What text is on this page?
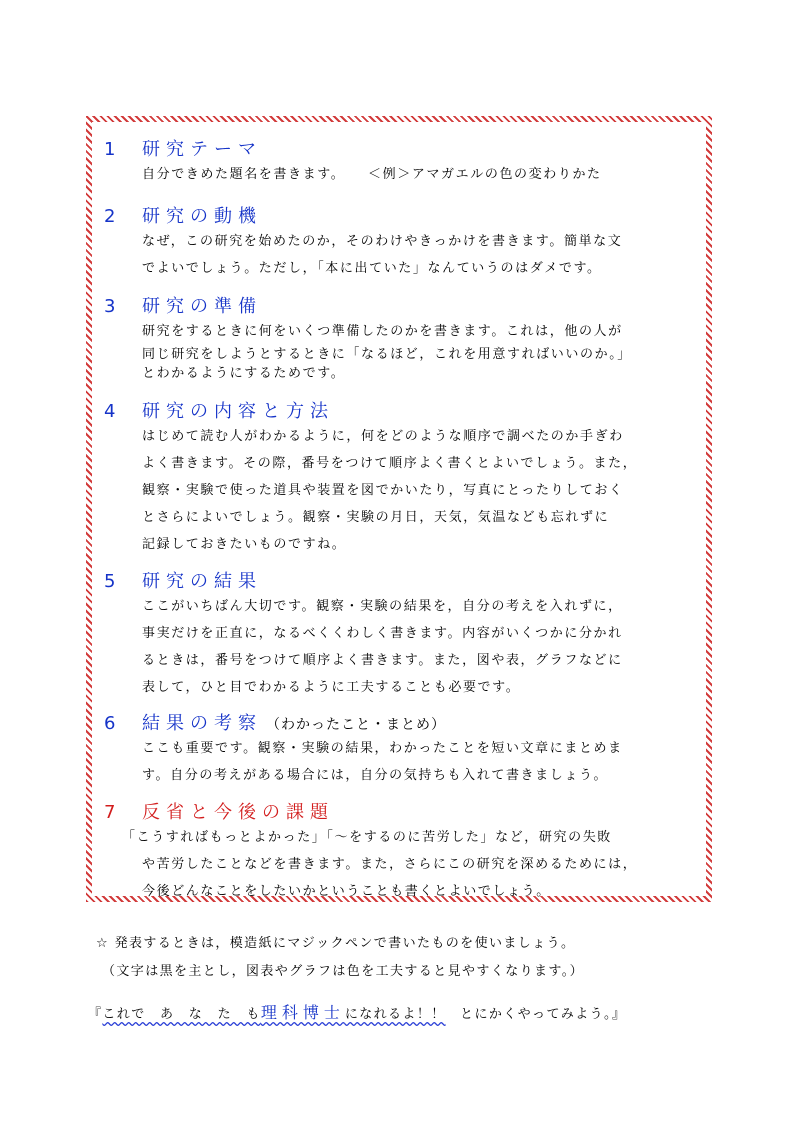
1	研究テーマ
自分できめた題名を書きます。　　＜例＞アマガエルの色の変わりかた
2	研究の動機
なぜ，この研究を始めたのか，そのわけやきっかけを書きます。簡単な文
でよいでしょう。ただし，「本に出ていた」なんていうのはダメです。
3	研究の準備
研究をするときに何をいくつ準備したのかを書きます。これは，他の人が
同じ研究をしようとするときに「なるほど，これを用意すればいいのか。」
とわかるようにするためです。
4	研究の内容と方法
はじめて読む人がわかるように，何をどのような順序で調べたのか手ぎわ
よく書きます。その際，番号をつけて順序よく書くとよいでしょう。また，
観察・実験で使った道具や装置を図でかいたり，写真にとったりしておく
とさらによいでしょう。観察・実験の月日，天気，気温なども忘れずに
記録しておきたいものですね。
5	研究の結果
ここがいちばん大切です。観察・実験の結果を，自分の考えを入れずに，
事実だけを正直に，なるべくくわしく書きます。内容がいくつかに分かれ
るときは，番号をつけて順序よく書きます。また，図や表，グラフなどに
表して，ひと目でわかるように工夫することも必要です。
6	結果の考察 （わかったこと・まとめ）
ここも重要です。観察・実験の結果，わかったことを短い文章にまとめま
す。自分の考えがある場合には，自分の気持ちも入れて書きましょう。
7	反省と今後の課題
「こうすればもっとよかった」「～をするのに苦労した」など，研究の失敗
や苦労したことなどを書きます。また，さらにこの研究を深めるためには，
今後どんなことをしたいかということも書くとよいでしょう。
☆ 発表するときは，模造紙にマジックペンで書いたものを使いましょう。
（文字は黒を主とし，図表やグラフは色を工夫すると見やすくなります。）
『これで　あ　な　た　も理科博士になれるよ！！　とにかくやってみよう。』
